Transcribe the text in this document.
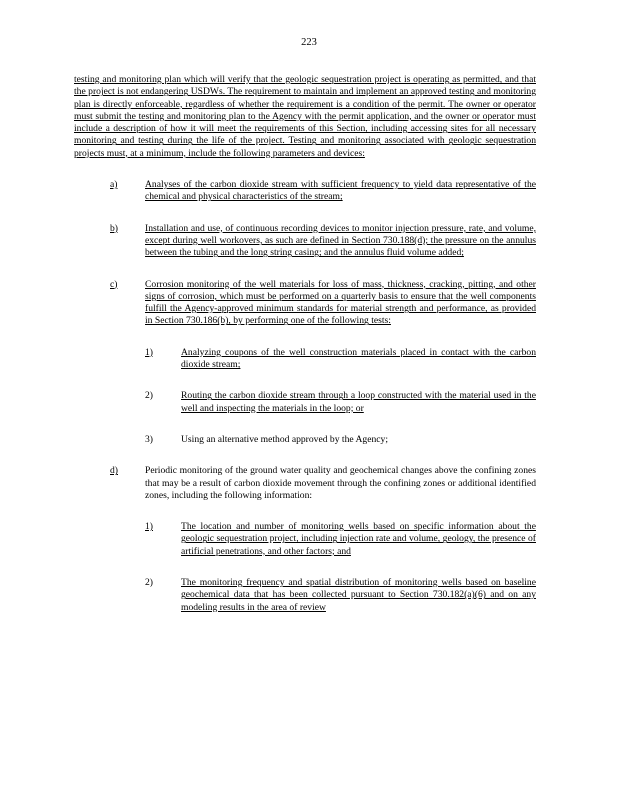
223

testing and monitoring plan which will verify that the geologic sequestration project is operating as permitted, and that the project is not endangering USDWs. The requirement to maintain and implement an approved testing and monitoring plan is directly enforceable, regardless of whether the requirement is a condition of the permit. The owner or operator must submit the testing and monitoring plan to the Agency with the permit application, and the owner or operator must include a description of how it will meet the requirements of this Section, including accessing sites for all necessary monitoring and testing during the life of the project. Testing and monitoring associated with geologic sequestration projects must, at a minimum, include the following parameters and devices:

a)	Analyses of the carbon dioxide stream with sufficient frequency to yield data representative of the chemical and physical characteristics of the stream;

b)	Installation and use, of continuous recording devices to monitor injection pressure, rate, and volume, except during well workovers, as such are defined in Section 730.188(d); the pressure on the annulus between the tubing and the long string casing; and the annulus fluid volume added;

c)	Corrosion monitoring of the well materials for loss of mass, thickness, cracking, pitting, and other signs of corrosion, which must be performed on a quarterly basis to ensure that the well components fulfill the Agency-approved minimum standards for material strength and performance, as provided in Section 730.186(b), by performing one of the following tests:

1)	Analyzing coupons of the well construction materials placed in contact with the carbon dioxide stream;

2)	Routing the carbon dioxide stream through a loop constructed with the material used in the well and inspecting the materials in the loop; or

3)	Using an alternative method approved by the Agency;

d)	Periodic monitoring of the ground water quality and geochemical changes above the confining zones that may be a result of carbon dioxide movement through the confining zones or additional identified zones, including the following information:

1)	The location and number of monitoring wells based on specific information about the geologic sequestration project, including injection rate and volume, geology, the presence of artificial penetrations, and other factors; and

2)	The monitoring frequency and spatial distribution of monitoring wells based on baseline geochemical data that has been collected pursuant to Section 730.182(a)(6) and on any modeling results in the area of review
